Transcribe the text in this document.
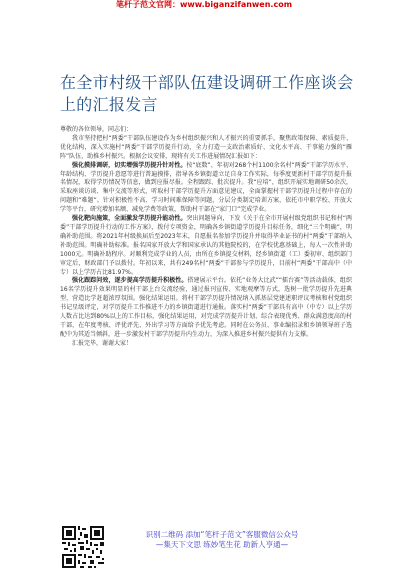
笔杆子范文官网：www.biganzifanwen.com
在全市村级干部队伍建设调研工作座谈会上的汇报发言

尊敬的各位领导，同志们：

我市坚持把村“两委”干部队伍建设作为乡村组织振兴和人才振兴的重要抓手，聚焦政策保障、素质提升、优化结构，深入实施村“两委”干部学历提升行动，全力打造一支政治素质好、文化水平高、干事能力强的“雁阵”队伍，助推乡村振兴。根据会议安排，现将有关工作进展情况汇报如下：

强化摸排调研，切实增强学历提升针对性。按“底数”、年初对268个村1100余名村“两委”干部学历水平、年龄结构、学历提升意愿等进行普遍摸排，指导各乡镇街道立足自身工作实际，每季度更新村干部学历提升报名情况，取得学历情况等信息，做到应报尽报。全程跟踪、批次提升。我“应培”，组织开展实地调研50余次，采取座谈访谈、集中交流等形式，听取村干部学历提升方面意见建议，全面掌握村干部学历提升过程中存在的问题和“难题”。针对积极性不高、学习时间难保障等问题，分层分类制定培训方案，依托市中职学校、开放大学等平台，研究增加名额、减免学费等政策，帮助村干部在“家门口”完成学业。

强化靶向施策，全面激发学历提升能动性。突出问题导向，下发《关于在全市开展村级党组织书记和村“两委”干部学历提升行动的工作方案》，拨付专项资金，明确各乡镇街道学历提升目标任务，细化“三个明确”，明确补助范围。将2021年村级换届后至2023年末，自愿报名参加学历提升并取得毕业证书的村“两委”干部纳入补助范围。明确补助标准。报名国家开放大学和国家承认的其他院校的，在学校优惠基础上，每人一次性补助1000元。明确补助程序。对顺利完成学业的人员，由所在乡镇提交材料，经乡镇街道（工）委初审、组织部门审定后，财政部门予以拨付。年初以来，共有249名村“两委”干部参与学历提升，目前村“两委”干部高中（中专）以上学历占比81.97%。

强化跟踪问效，逐步提高学历提升积极性。搭建展示平台。依托“业务大比武”“擂台赛”等活动载体，组织16名学历提升效果明显的村干部上台交流经验，通过报刊宣传、实地观摩等方式，选树一批学历提升先进典型，营造比学赶超浓厚氛围。强化结果运用。将村干部学历提升情况纳入抓基层党建述职评议考核和村党组织书记星级评定，对学历提升工作推进不力的乡镇街道进行通报。落实村“两委”干部具有高中（中专）以上学历人数占比达到80%以上的工作目标，强化结果运用，对完成学历提升计划、综合表现优秀、群众满意度高的村干部，在年度考核、评优评先、外出学习等方面给予优先考虑。同时在公务员、事业编招录和乡镇领导班子选配中为其适当倾斜，进一步激发村干部学历提升内生动力，为深入推进乡村振兴提供有力支撑。

汇报完毕，谢谢大家！

识别二维码 添加“笔杆子范文”客服微信公众号
—集天下文思 练妙笔生花 助新人亨通—
